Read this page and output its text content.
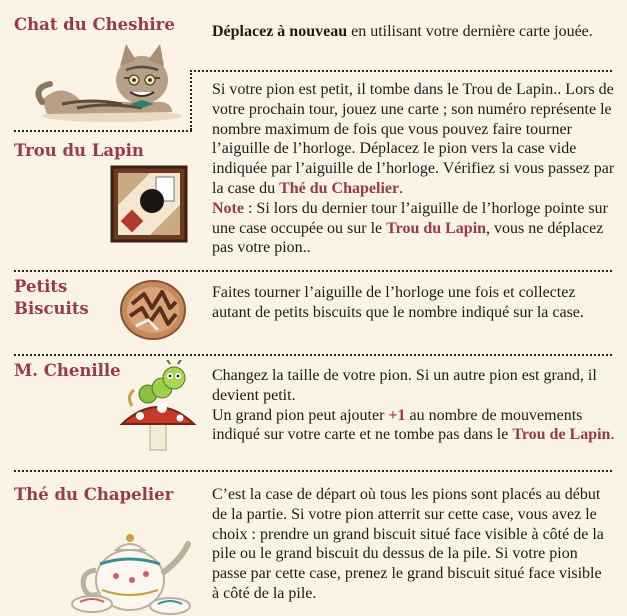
Chat du Cheshire Déplacez à nouveau en utilisant votre dernière carte jouée.
Trou du Lapin

Si votre pion est petit, il tombe dans le Trou de Lapin.. Lors de votre prochain tour, jouez une carte ; son numéro représente le nombre maximum de fois que vous pouvez faire tourner l’aiguille de l’horloge. Déplacez le pion vers la case vide indiquée par l’aiguille de l’horloge. Vérifiez si vous passez par la case du Thé du Chapelier.

Note : Si lors du dernier tour l’aiguille de l’horloge pointe sur une case occupée ou sur le Trou du Lapin, vous ne déplacez pas votre pion..

Petits
Biscuits
Faites tourner l’aiguille de l’horloge une fois et collectez autant de petits biscuits que le nombre indiqué sur la case.
M. Chenille	Changez la taille de votre pion. Si un autre pion est grand, il devient petit.

Un grand pion peut ajouter +1 au nombre de mouvements indiqué sur votre carte et ne tombe pas dans le Trou de Lapin.

Thé du Chapelier C’est la case de départ où tous les pions sont placés au début de la partie. Si votre pion atterrit sur cette case, vous avez le choix : prendre un grand biscuit situé face visible à côté de la pile ou le grand biscuit du dessus de la pile. Si votre pion passe par cette case, prenez le grand biscuit situé face visible à côté de la pile.
